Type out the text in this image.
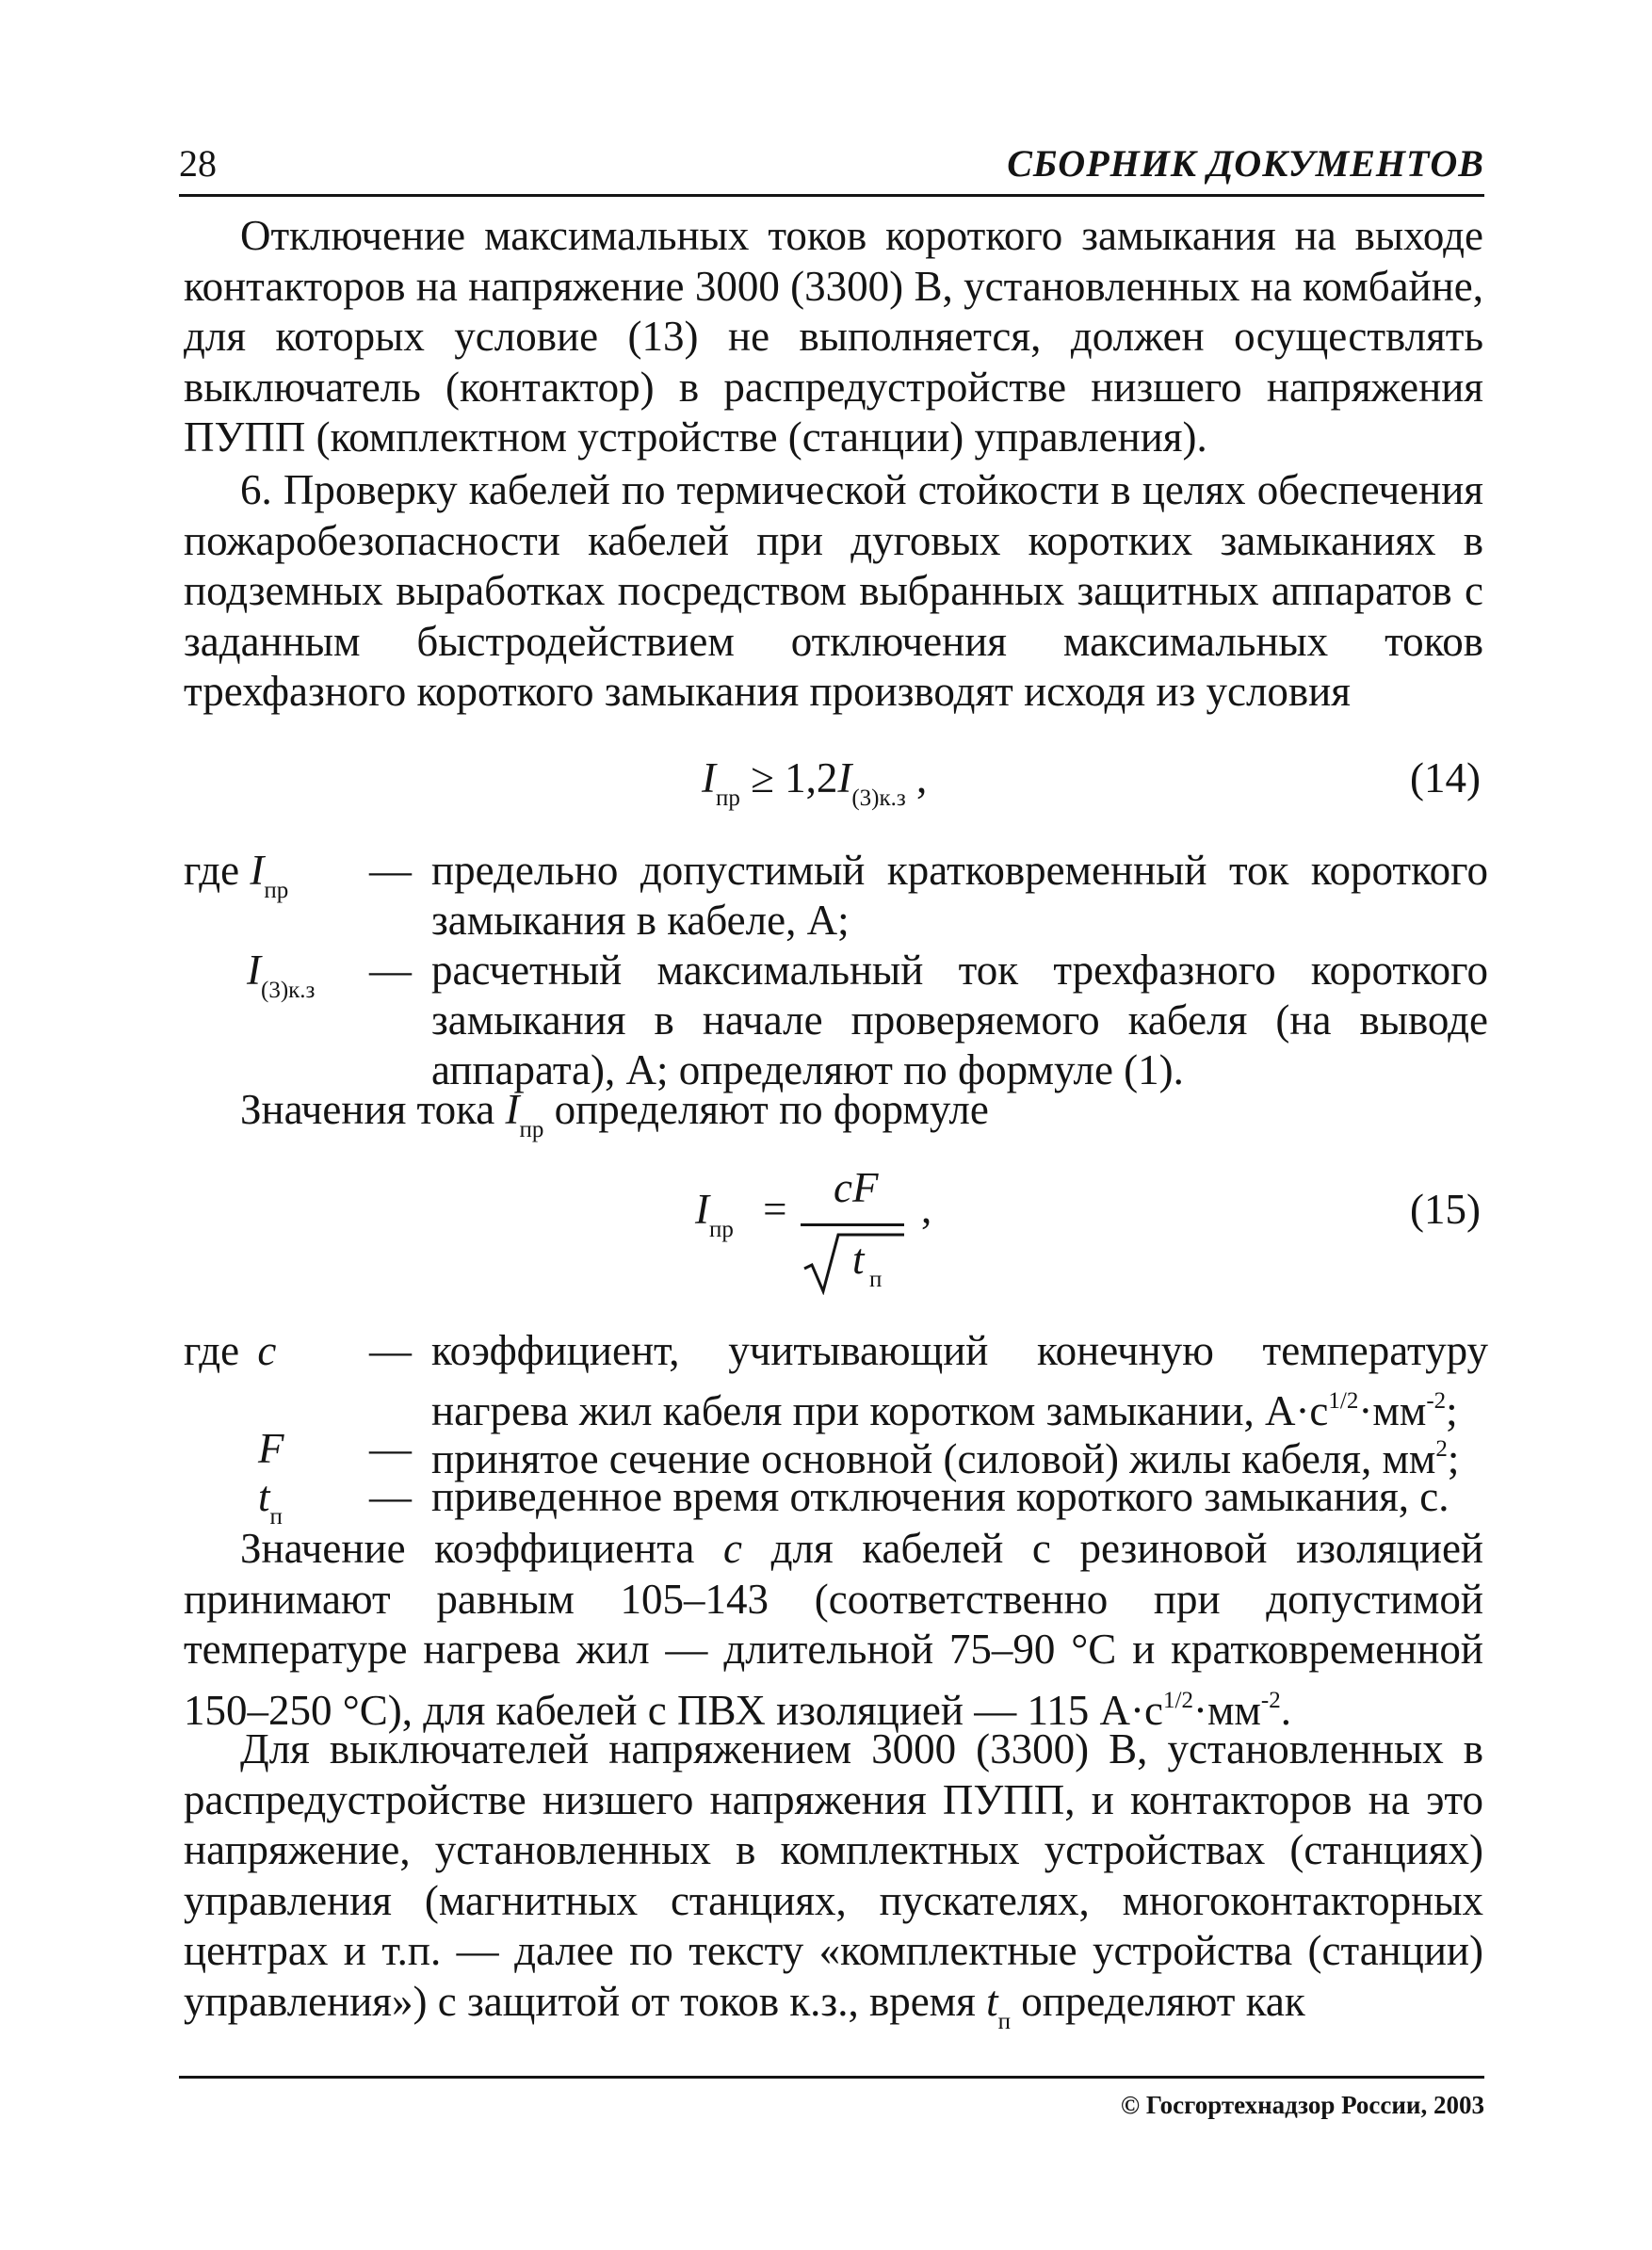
28	СБОРНИК ДОКУМЕНТОВ

Отключение максимальных токов короткого замыкания на выходе контакторов на напряжение 3000 (3300) В, установленных на комбайне, для которых условие (13) не выполняется, должен осуществлять выключатель (контактор) в распредустройстве низшего напряжения ПУПП (комплектном устройстве (станции) управления).

6. Проверку кабелей по термической стойкости в целях обеспечения пожаробезопасности кабелей при дуговых коротких замыканиях в подземных выработках посредством выбранных защитных аппаратов с заданным быстродействием отключения максимальных токов трехфазного короткого замыкания производят исходя из условия

$I_{пр} \ge 1,2I_{(3)к.з}$ ,	(14)
где $I_{пр}$ — предельно допустимый кратковременный ток короткого замыкания в кабеле, А;
$I_{(3)к.з}$ — расчетный максимальный ток трехфазного короткого замыкания в начале проверяемого кабеля (на выводе аппарата), А; определяют по формуле (1).

Значения тока $I_{пр}$ определяют по формуле

$I_{пр}$ = cF
t п
,	(15)
где c — коэффициент, учитывающий конечную температуру нагрева жил кабеля при коротком замыкании, $А\cdot с^{1/2}\cdot мм^{-2}$;
F — принятое сечение основной (силовой) жилы кабеля, $мм^2$;
$t_п$ — приведенное время отключения короткого замыкания, с.

Значение коэффициента с для кабелей с резиновой изоляцией принимают равным 105–143 (соответственно при допустимой температуре нагрева жил — длительной 75–90 °С и кратковременной 150–250 °С), для кабелей с ПВХ изоляцией — 115 $А\cdot с^{1/2}\cdot мм^{-2}$.

Для выключателей напряжением 3000 (3300) В, установленных в распредустройстве низшего напряжения ПУПП, и контакторов на это напряжение, установленных в комплектных устройствах (станциях) управления (магнитных станциях, пускателях, многоконтакторных центрах и т.п. — далее по тексту «комплектные устройства (станции) управления») с защитой от токов к.з., время $t_п$ определяют как

© Госгортехнадзор России, 2003
